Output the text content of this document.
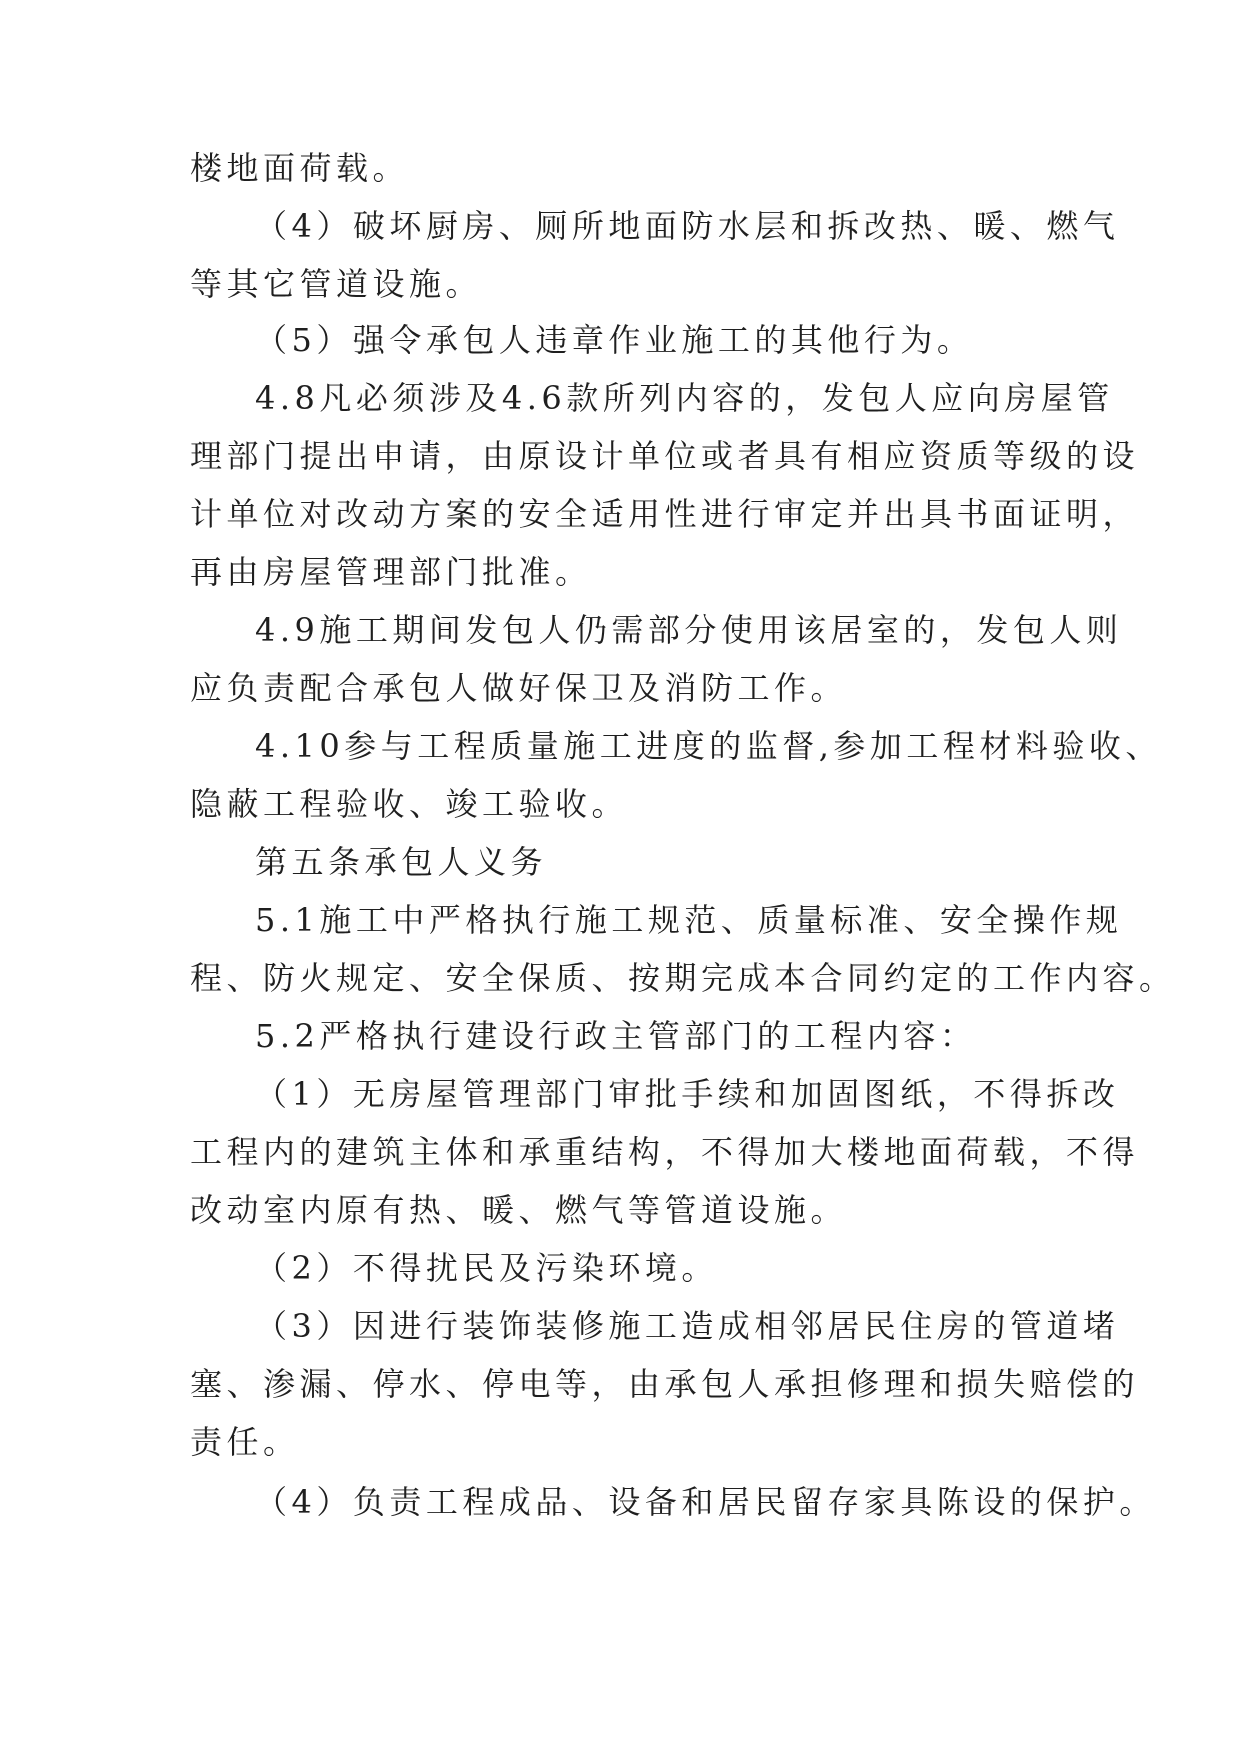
楼地面荷载。

（4）破坏厨房、厕所地面防水层和拆改热、暖、燃气

等其它管道设施。

（5）强令承包人违章作业施工的其他行为。

4.8凡必须涉及4.6款所列内容的，发包人应向房屋管

理部门提出申请，由原设计单位或者具有相应资质等级的设

计单位对改动方案的安全适用性进行审定并出具书面证明，

再由房屋管理部门批准。

4.9施工期间发包人仍需部分使用该居室的，发包人则

应负责配合承包人做好保卫及消防工作。

4.10参与工程质量施工进度的监督,参加工程材料验收、

隐蔽工程验收、竣工验收。

第五条承包人义务

5.1施工中严格执行施工规范、质量标准、安全操作规

程、防火规定、安全保质、按期完成本合同约定的工作内容。

5.2严格执行建设行政主管部门的工程内容：

（1）无房屋管理部门审批手续和加固图纸，不得拆改

工程内的建筑主体和承重结构，不得加大楼地面荷载，不得

改动室内原有热、暖、燃气等管道设施。

（2）不得扰民及污染环境。

（3）因进行装饰装修施工造成相邻居民住房的管道堵

塞、渗漏、停水、停电等，由承包人承担修理和损失赔偿的

责任。

（4）负责工程成品、设备和居民留存家具陈设的保护。
